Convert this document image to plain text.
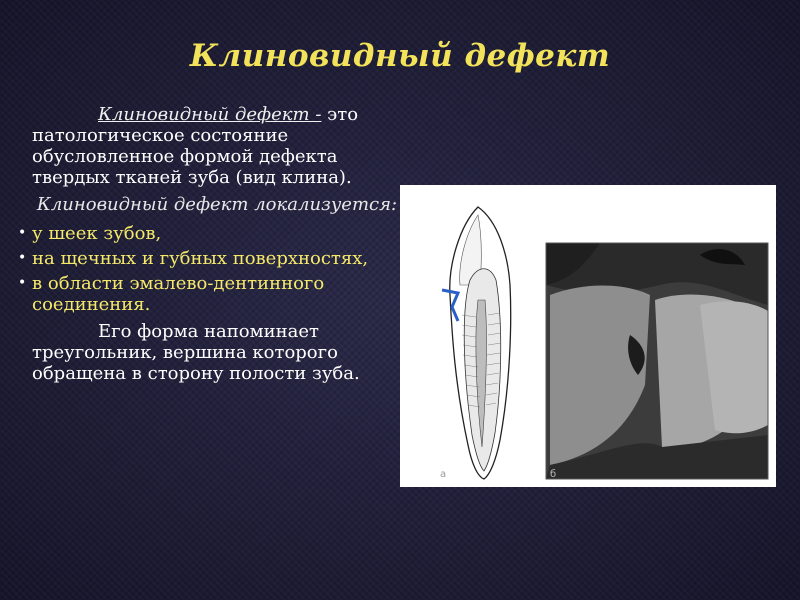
Клиновидный дефект

Клиновидный дефект - это патологическое состояние обусловленное формой дефекта твердых тканей зуба (вид клина).

Клиновидный дефект локализуется:

• у шеек зубов,
• на щечных и губных поверхностях,
• в области эмалево-дентинного соединения.

Его форма напоминает треугольник, вершина которого обращена в сторону полости зуба.

а	б
